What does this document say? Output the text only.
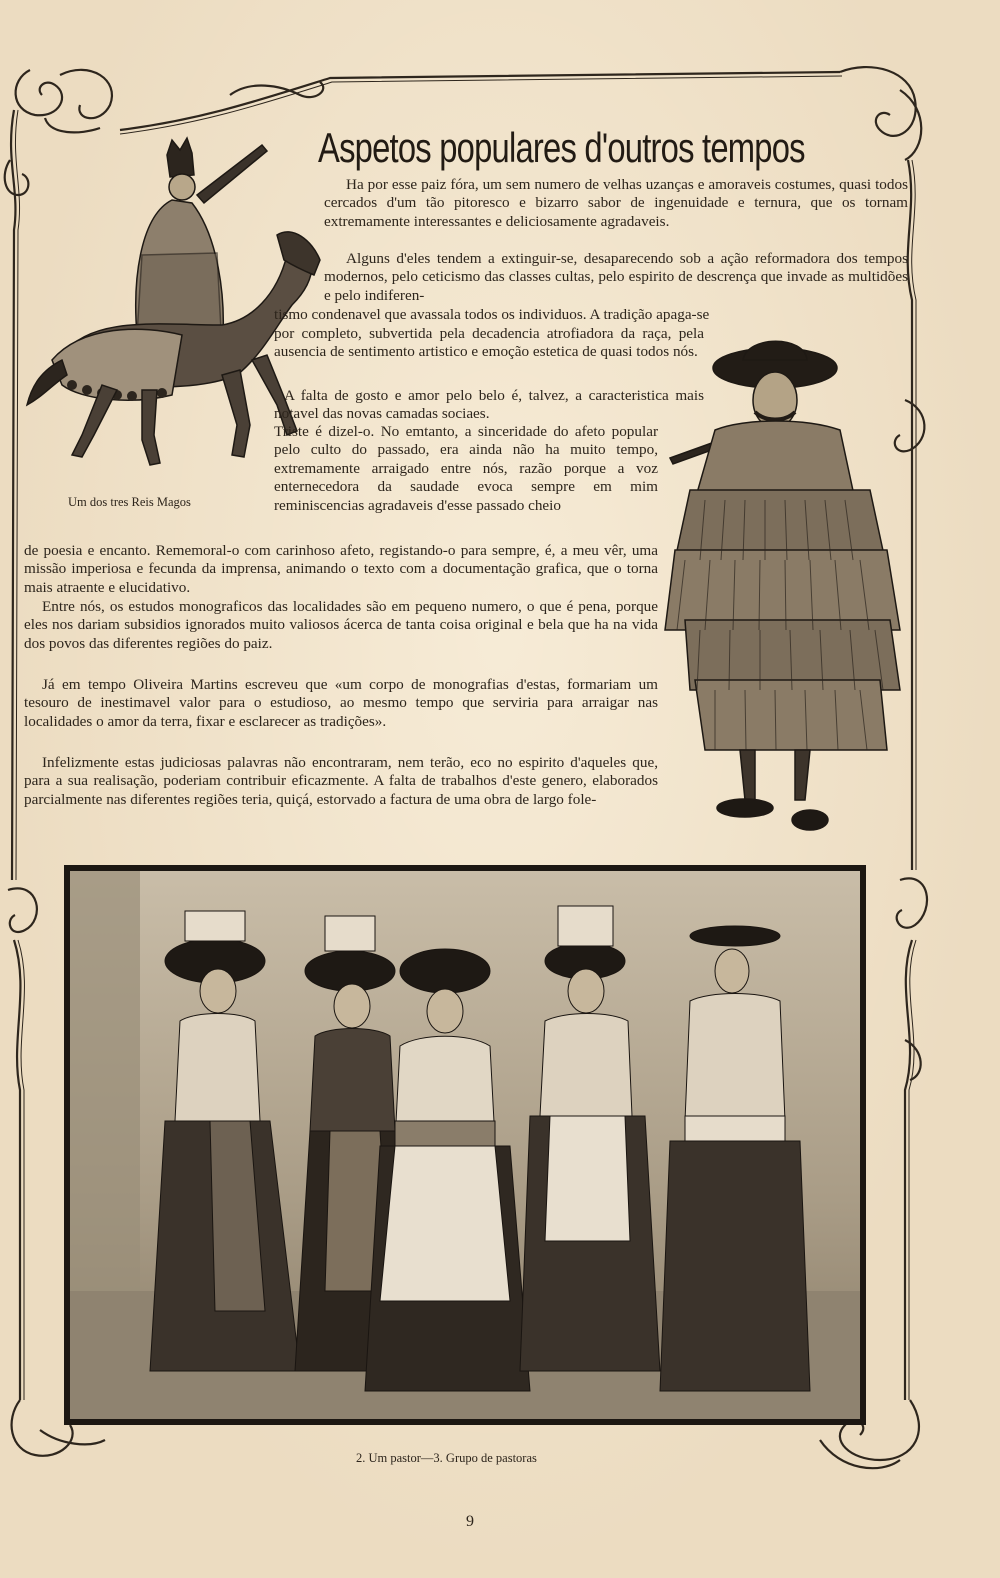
Aspetos populares d'outros tempos
Um dos tres Reis Magos

Ha por esse paiz fóra, um sem numero de velhas uzanças e amoraveis costumes, quasi todos cercados d'um tão pitoresco e bizarro sabor de ingenuidade e ternura, que os tornam extremamente interessantes e deliciosamente agradaveis.

Alguns d'eles tendem a extinguir-se, desaparecendo sob a ação reformadora dos tempos modernos, pelo ceticismo das classes cultas, pelo espirito de descrença que invade as multidões e pelo indiferen-

tismo condenavel que avassala todos os individuos. A tradição apaga-se

por completo, subvertida pela decadencia atrofiadora da raça, pela ausencia de sentimento artistico e emoção estetica de quasi todos nós.

A falta de gosto e amor pelo belo é, talvez, a caracteristica mais notavel das novas camadas sociaes.

Triste é dizel-o. No emtanto, a sinceridade do afeto popular pelo culto do passado, era ainda não ha muito tempo, extremamente arraigado entre nós, razão porque a voz enternecedora da saudade evoca sempre em mim reminiscencias agradaveis d'esse passado cheio

de poesia e encanto. Rememoral-o com carinhoso afeto, registando-o para sempre, é, a meu vêr, uma missão imperiosa e fecunda da imprensa, animando o texto com a documentação grafica, que o torna mais atraente e elucidativo.

Entre nós, os estudos monograficos das localidades são em pequeno numero, o que é pena, porque eles nos dariam subsidios ignorados muito valiosos ácerca de tanta coisa original e bela que ha na vida dos povos das diferentes regiões do paiz.

Já em tempo Oliveira Martins escreveu que «um corpo de monografias d'estas, formariam um tesouro de inestimavel valor para o estudioso, ao mesmo tempo que serviria para arraigar nas localidades o amor da terra, fixar e esclarecer as tradições».

Infelizmente estas judiciosas palavras não encontraram, nem terão, eco no espirito d'aqueles que, para a sua realisação, poderiam contribuir eficazmente. A falta de trabalhos d'este genero, elaborados parcialmente nas diferentes regiões teria, quiçá, estorvado a factura de uma obra de largo fole-

2. Um pastor—3. Grupo de pastoras
9
